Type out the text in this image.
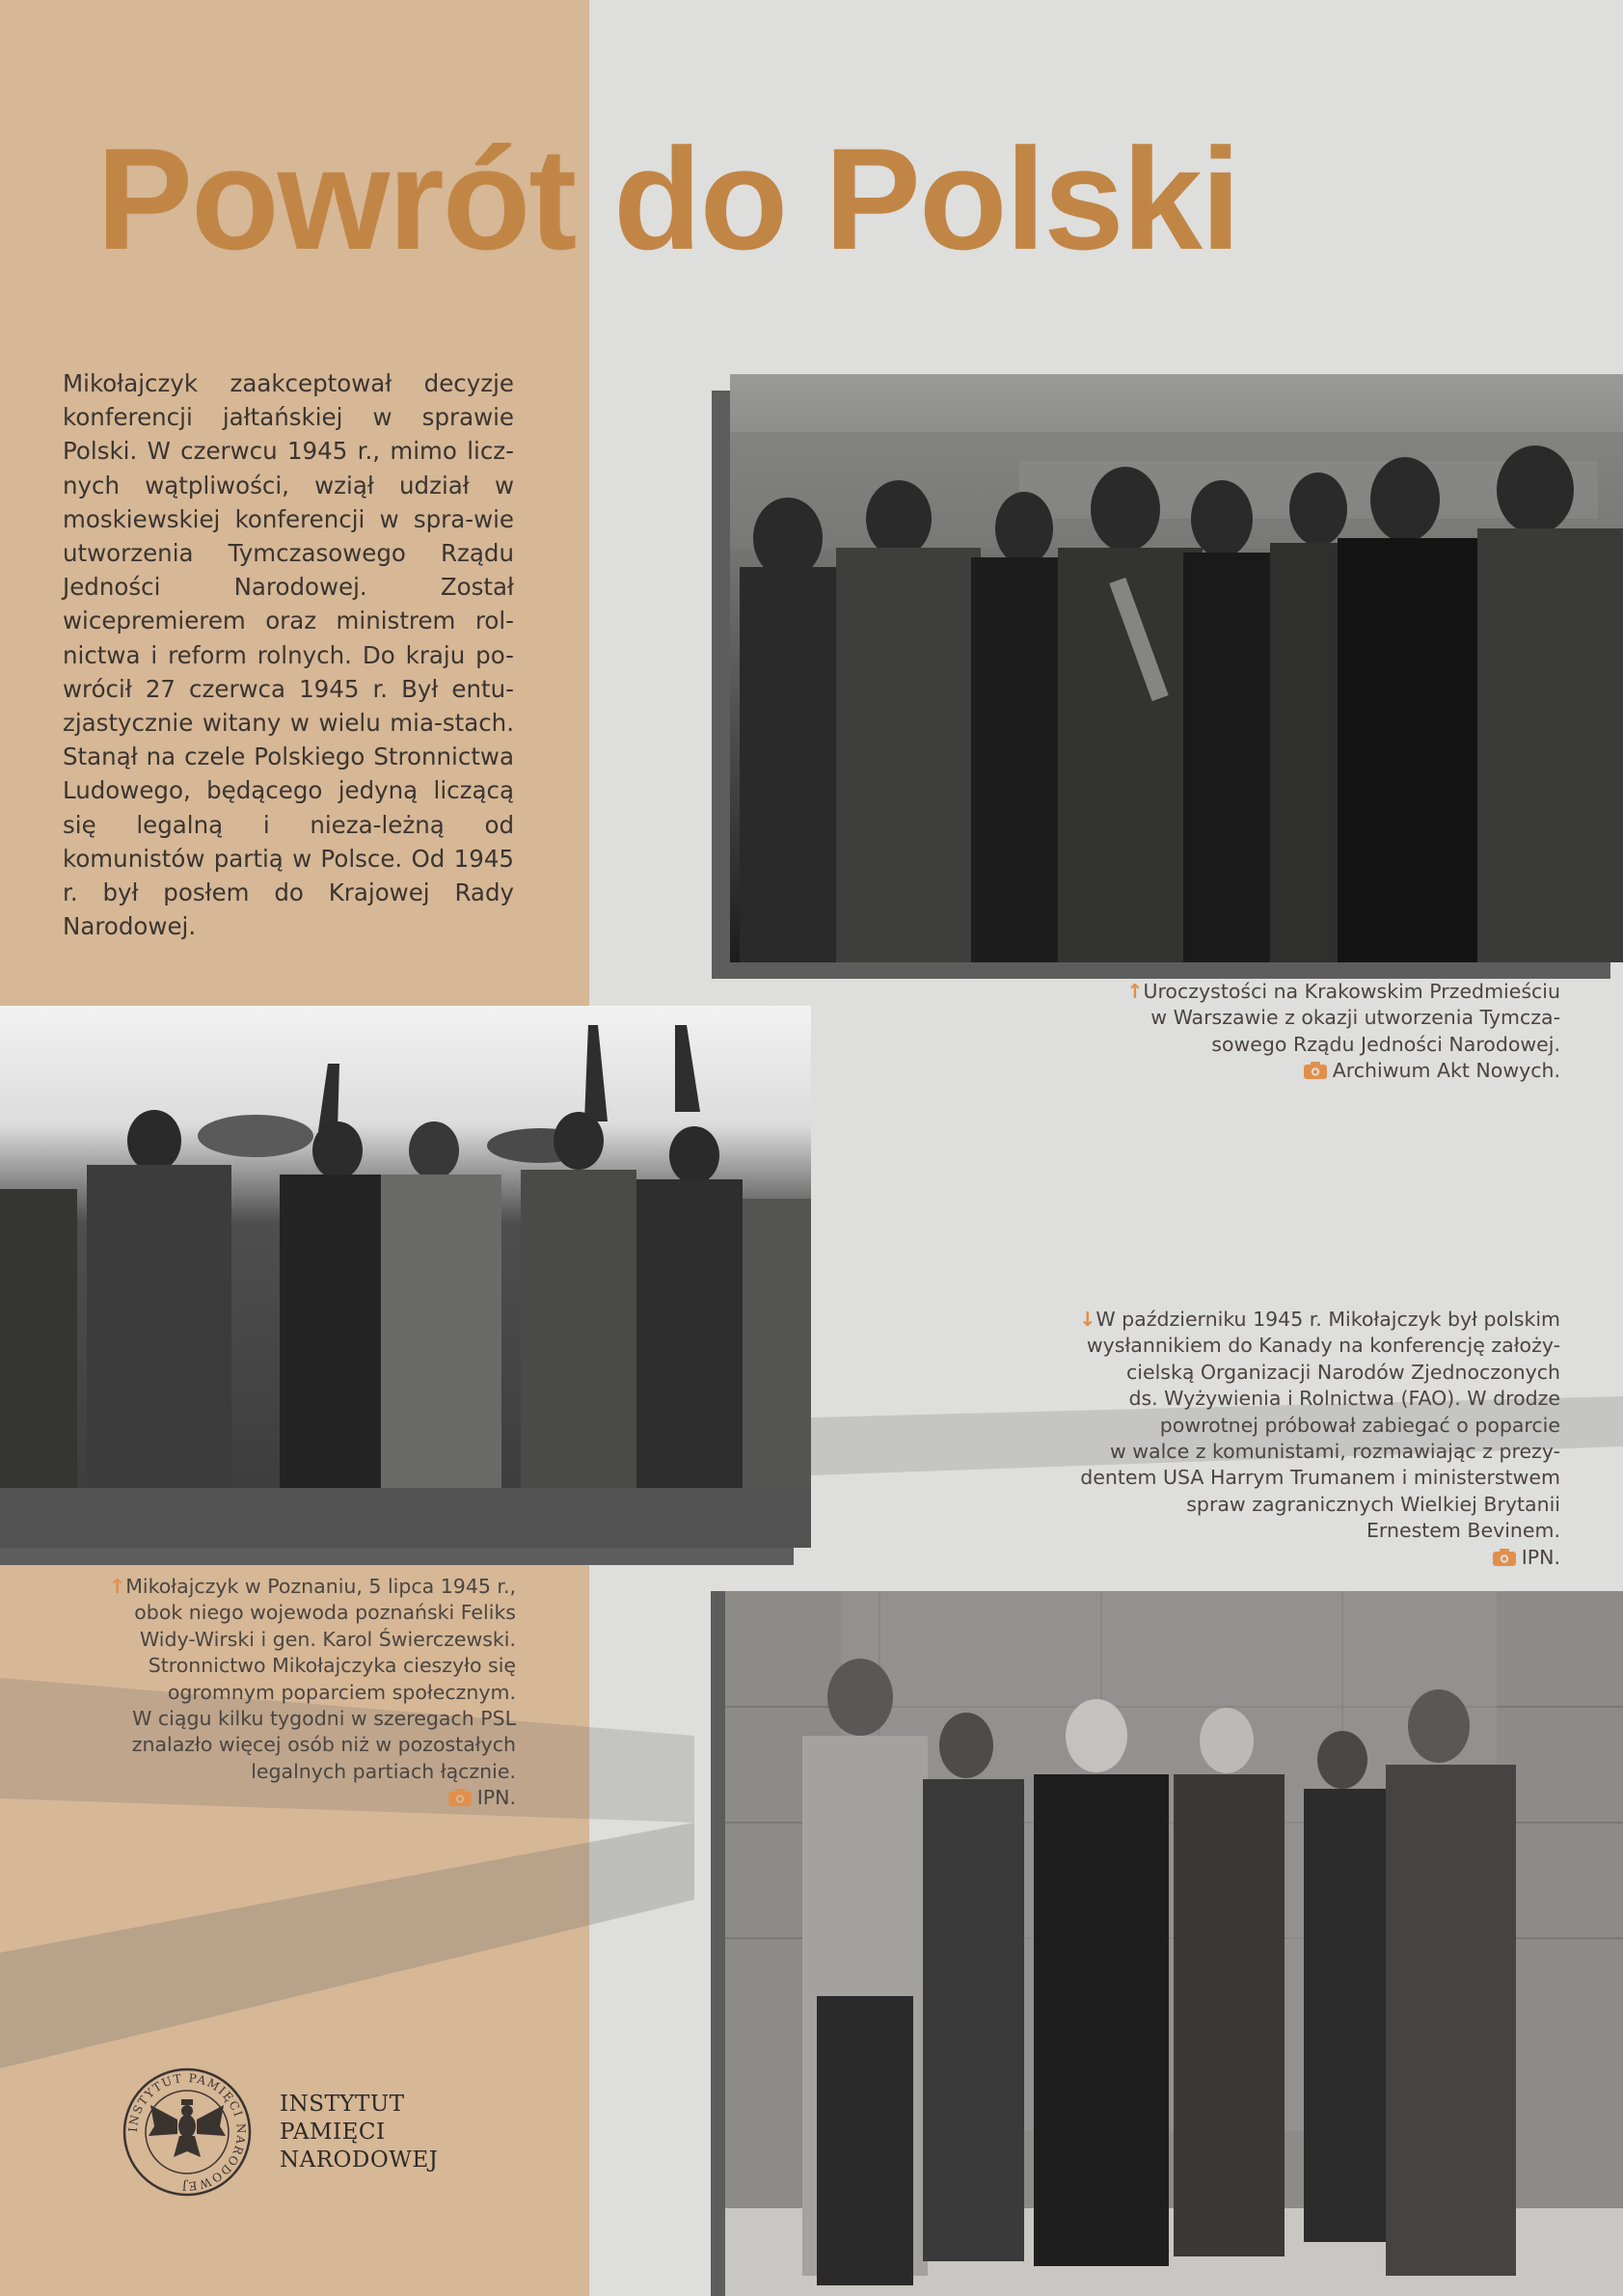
Powrót do Polski

Mikołajczyk zaakceptował decyzje konferencji jałtańskiej w sprawie Polski. W czerwcu 1945 r., mimo licz-nych wątpliwości, wziął udział w moskiewskiej konferencji w spra-wie utworzenia Tymczasowego Rządu Jedności Narodowej. Został wicepremierem oraz ministrem rol-nictwa i reform rolnych. Do kraju po-wrócił 27 czerwca 1945 r. Był entu-zjastycznie witany w wielu mia-stach. Stanął na czele Polskiego Stronnictwa Ludowego, będącego jedyną liczącą się legalną i nieza-leżną od komunistów partią w Polsce. Od 1945 r. był posłem do Krajowej Rady Narodowej.

↑Uroczystości na Krakowskim Przedmieściu
w Warszawie z okazji utworzenia Tymcza-
sowego Rządu Jedności Narodowej.
Archiwum Akt Nowych.

↑Mikołajczyk w Poznaniu, 5 lipca 1945 r.,
obok niego wojewoda poznański Feliks
Widy-Wirski i gen. Karol Świerczewski.
Stronnictwo Mikołajczyka cieszyło się
ogromnym poparciem społecznym.
W ciągu kilku tygodni w szeregach PSL
znalazło więcej osób niż w pozostałych
legalnych partiach łącznie.
IPN.

↓W październiku 1945 r. Mikołajczyk był polskim
wysłannikiem do Kanady na konferencję założy-
cielską Organizacji Narodów Zjednoczonych
ds. Wyżywienia i Rolnictwa (FAO). W drodze
powrotnej próbował zabiegać o poparcie
w walce z komunistami, rozmawiając z prezy-
dentem USA Harrym Trumanem i ministerstwem
spraw zagranicznych Wielkiej Brytanii
Ernestem Bevinem.
IPN.

INSTYTUT PAMIĘCI NARODOWEJ

INSTYTUT
PAMIĘCI
NARODOWEJ
